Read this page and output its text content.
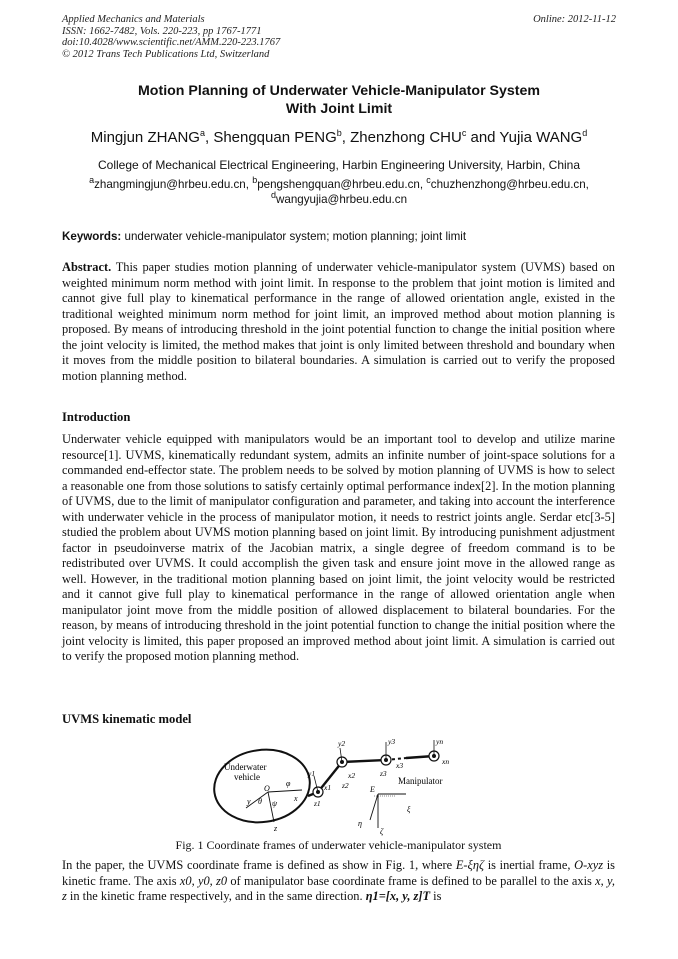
Applied Mechanics and Materials
ISSN: 1662-7482, Vols. 220-223, pp 1767-1771
doi:10.4028/www.scientific.net/AMM.220-223.1767
© 2012 Trans Tech Publications Ltd, Switzerland
Online: 2012-11-12
Motion Planning of Underwater Vehicle-Manipulator System
With Joint Limit
Mingjun ZHANG$^a$, Shengquan PENG$^b$, Zhenzhong CHU$^c$ and Yujia WANG$^d$
College of Mechanical Electrical Engineering, Harbin Engineering University, Harbin, China
$^a$zhangmingjun@hrbeu.edu.cn, $^b$pengshengquan@hrbeu.edu.cn, $^c$chuzhenzhong@hrbeu.edu.cn,
$^d$wangyujia@hrbeu.edu.cn
Keywords: underwater vehicle-manipulator system; motion planning; joint limit
Abstract. This paper studies motion planning of underwater vehicle-manipulator system (UVMS) based on weighted minimum norm method with joint limit. In response to the problem that joint motion is limited and cannot give full play to kinematical performance in the range of allowed orientation angle, existed in the traditional weighted minimum norm method for joint limit, an improved method about motion planning is proposed. By means of introducing threshold in the joint potential function to change the initial position where the joint velocity is limited, the method makes that joint is only limited between threshold and boundary when it moves from the middle position to bilateral boundaries. A simulation is carried out to verify the proposed motion planning method.
Introduction
Underwater vehicle equipped with manipulators would be an important tool to develop and utilize marine resource[1]. UVMS, kinematically redundant system, admits an infinite number of joint-space solutions for a commanded end-effector state. The problem needs to be solved by motion planning of UVMS is how to select a reasonable one from those solutions to satisfy certainly optimal performance index[2]. In the motion planning of UVMS, due to the limit of manipulator configuration and parameter, and taking into account the interference with underwater vehicle in the process of manipulator motion, it needs to restrict joints angle. Serdar etc[3-5] studied the problem about UVMS motion planning based on joint limit. By introducing punishment adjustment factor in pseudoinverse matrix of the Jacobian matrix, a single degree of freedom command is to be redistributed over UVMS. It could accomplish the given task and ensure joint move in the allowed range as well. However, in the traditional motion planning based on joint limit, the joint velocity would be restricted and it cannot give full play to kinematical performance in the range of allowed orientation angle when manipulator joint move from the middle position of allowed displacement to bilateral boundaries. For the reason, by means of introducing threshold in the joint potential function to change the initial position where the joint velocity is limited, this paper proposed an improved method about joint limit. A simulation is carried out to verify the proposed motion planning method.
UVMS kinematic model
Underwater
vehicle
O
x
y
z
φ
θ ψ
y1
x1
z1
y2
x2
z2
y3
x3
z3
yn
xn
Manipulator
E
ξ
η
ζ
Fig. 1 Coordinate frames of underwater vehicle-manipulator system
In the paper, the UVMS coordinate frame is defined as show in Fig. 1, where E-ξηζ is inertial frame, O-xyz is kinetic frame. The axis x0, y0, z0 of manipulator base coordinate frame is defined to be parallel to the axis x, y, z in the kinetic frame respectively, and in the same direction. η1=[x, y, z]T is
